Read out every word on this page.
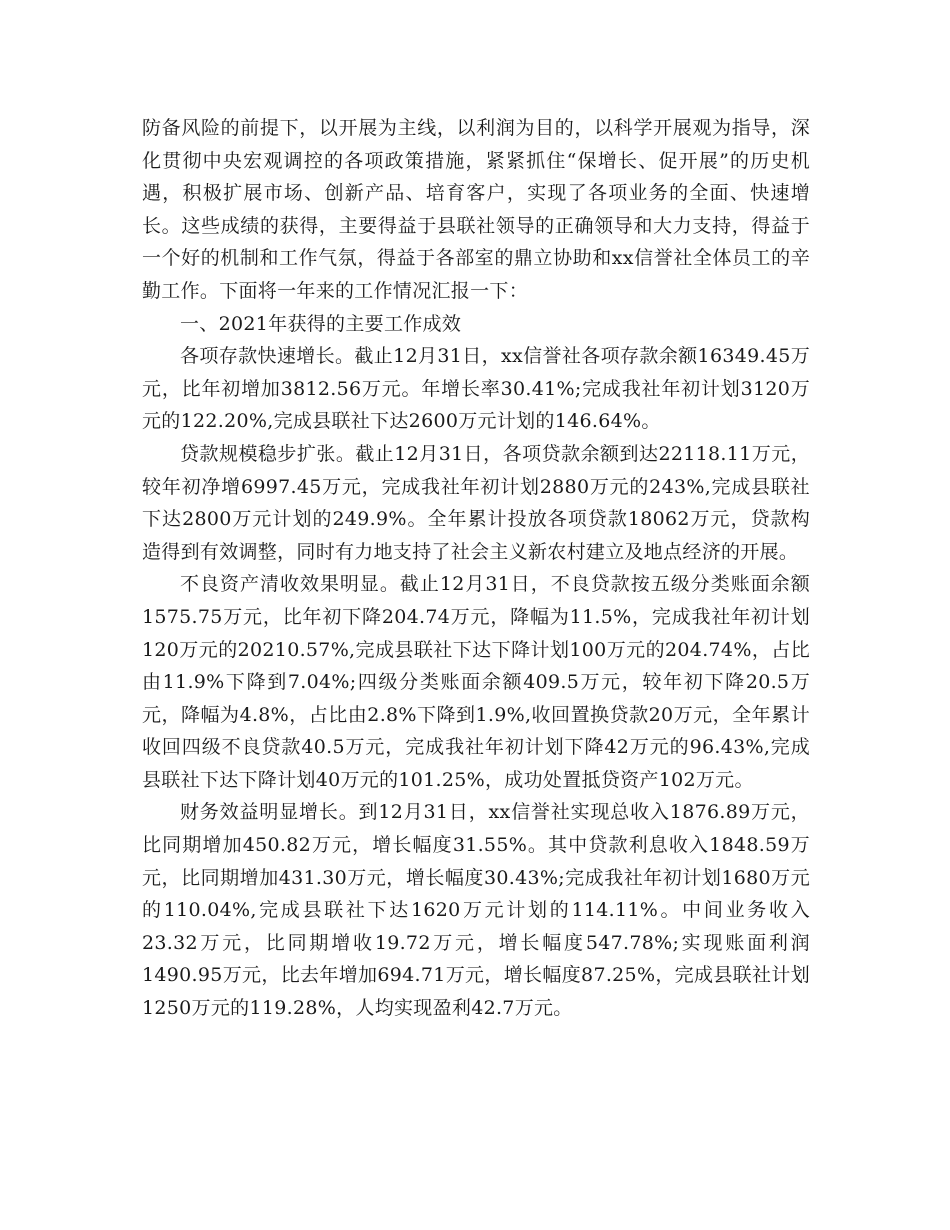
防备风险的前提下，以开展为主线，以利润为目的，以科学开展观为指导，深化贯彻中央宏观调控的各项政策措施，紧紧抓住“保增长、促开展”的历史机遇，积极扩展市场、创新产品、培育客户，实现了各项业务的全面、快速增长。这些成绩的获得，主要得益于县联社领导的正确领导和大力支持，得益于一个好的机制和工作气氛，得益于各部室的鼎立协助和xx信誉社全体员工的辛勤工作。下面将一年来的工作情况汇报一下：

一、2021年获得的主要工作成效

各项存款快速增长。截止12月31日，xx信誉社各项存款余额16349.45万元，比年初增加3812.56万元。年增长率30.41%;完成我社年初计划3120万元的122.20%,完成县联社下达2600万元计划的146.64%。

贷款规模稳步扩张。截止12月31日，各项贷款余额到达22118.11万元，较年初净增6997.45万元，完成我社年初计划2880万元的243%,完成县联社下达2800万元计划的249.9%。全年累计投放各项贷款18062万元，贷款构造得到有效调整，同时有力地支持了社会主义新农村建立及地点经济的开展。

不良资产清收效果明显。截止12月31日，不良贷款按五级分类账面余额1575.75万元，比年初下降204.74万元，降幅为11.5%，完成我社年初计划120万元的20210.57%,完成县联社下达下降计划100万元的204.74%，占比由11.9%下降到7.04%;四级分类账面余额409.5万元，较年初下降20.5万元，降幅为4.8%，占比由2.8%下降到1.9%,收回置换贷款20万元，全年累计收回四级不良贷款40.5万元，完成我社年初计划下降42万元的96.43%,完成县联社下达下降计划40万元的101.25%，成功处置抵贷资产102万元。

财务效益明显增长。到12月31日，xx信誉社实现总收入1876.89万元，比同期增加450.82万元，增长幅度31.55%。其中贷款利息收入1848.59万元，比同期增加431.30万元，增长幅度30.43%;完成我社年初计划1680万元的110.04%,完成县联社下达1620万元计划的114.11%。中间业务收入23.32万元，比同期增收19.72万元，增长幅度547.78%;实现账面利润1490.95万元，比去年增加694.71万元，增长幅度87.25%，完成县联社计划1250万元的119.28%，人均实现盈利42.7万元。
